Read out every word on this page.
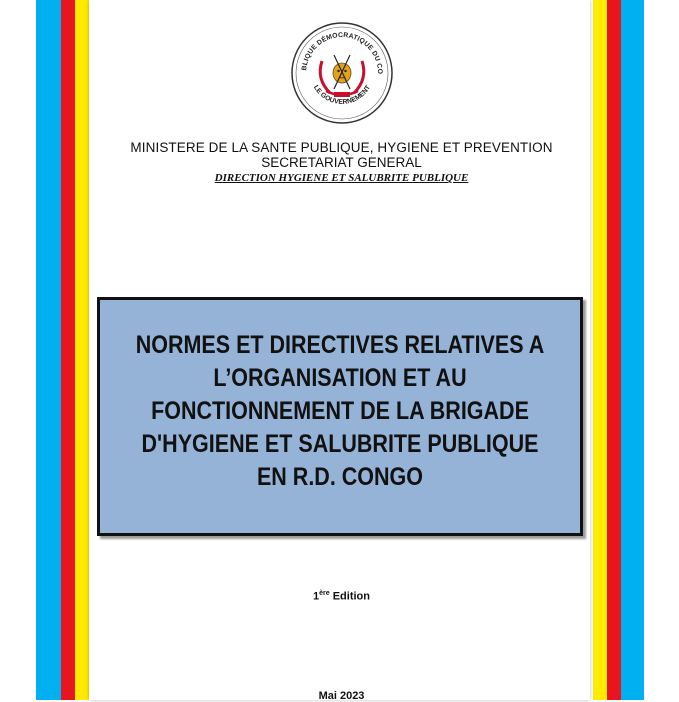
BLIQUE DÉMOCRATIQUE DU CO
LE GOUVERNEMENT
MINISTERE DE LA SANTE PUBLIQUE, HYGIENE ET PREVENTION
SECRETARIAT GENERAL
DIRECTION HYGIENE ET SALUBRITE PUBLIQUE
NORMES ET DIRECTIVES RELATIVES A
L’ORGANISATION ET AU
FONCTIONNEMENT DE LA BRIGADE
D'HYGIENE ET SALUBRITE PUBLIQUE
EN R.D. CONGO
1ère Edition
Mai 2023
